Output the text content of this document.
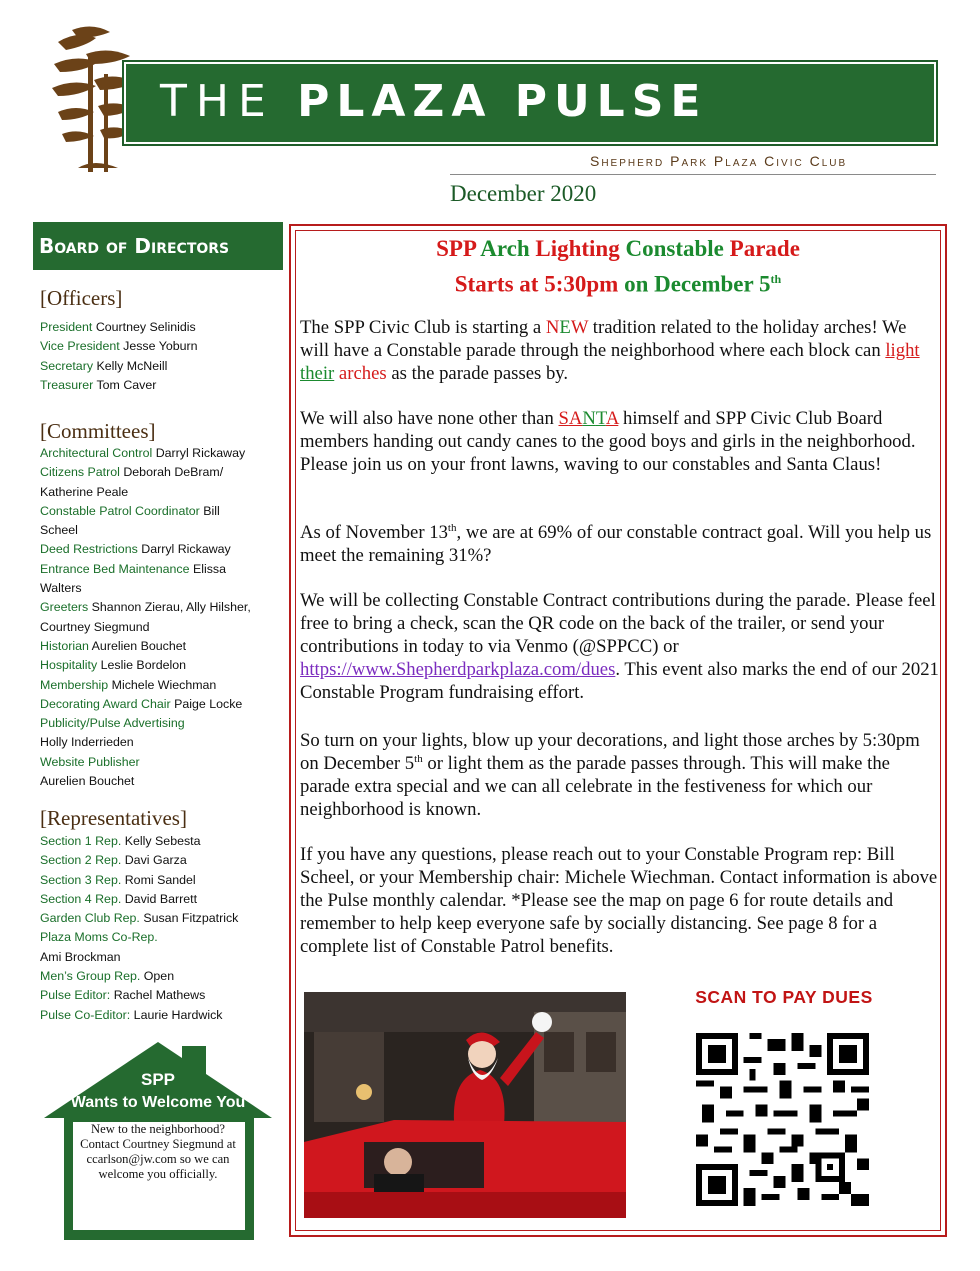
THE PLAZA PULSE
Shepherd Park Plaza Civic Club
December 2020
Board of Directors
[Officers]
President Courtney Selinidis
Vice President Jesse Yoburn
Secretary Kelly McNeill
Treasurer Tom Caver
[Committees]
Architectural Control Darryl Rickaway
Citizens Patrol Deborah DeBram/
Katherine Peale
Constable Patrol Coordinator Bill
Scheel
Deed Restrictions Darryl Rickaway
Entrance Bed Maintenance Elissa
Walters
Greeters Shannon Zierau, Ally Hilsher,
Courtney Siegmund
Historian Aurelien Bouchet
Hospitality Leslie Bordelon
Membership Michele Wiechman
Decorating Award Chair Paige Locke
Publicity/Pulse Advertising
Holly Inderrieden
Website Publisher
Aurelien Bouchet
[Representatives]
Section 1 Rep. Kelly Sebesta
Section 2 Rep. Davi Garza
Section 3 Rep. Romi Sandel
Section 4 Rep. David Barrett
Garden Club Rep. Susan Fitzpatrick
Plaza Moms Co-Rep.
Ami Brockman
Men’s Group Rep. Open
Pulse Editor: Rachel Mathews
Pulse Co-Editor: Laurie Hardwick
SPP
Wants to Welcome You
New to the neighborhood? Contact Courtney Siegmund at ccarlson@jw.com so we can welcome you officially.
SPP Arch Lighting Constable Parade
Starts at 5:30pm on December 5th
The SPP Civic Club is starting a NEW tradition related to the holiday arches! We will have a Constable parade through the neighborhood where each block can light their arches as the parade passes by.
We will also have none other than SANTA himself and SPP Civic Club Board members handing out candy canes to the good boys and girls in the neighborhood. Please join us on your front lawns, waving to our constables and Santa Claus!
As of November 13th, we are at 69% of our constable contract goal. Will you help us meet the remaining 31%?
We will be collecting Constable Contract contributions during the parade. Please feel free to bring a check, scan the QR code on the back of the trailer, or send your contributions in today to via Venmo (@SPPCC) or https://www.Shepherdparkplaza.com/dues. This event also marks the end of our 2021 Constable Program fundraising effort.
So turn on your lights, blow up your decorations, and light those arches by 5:30pm on December 5th or light them as the parade passes through. This will make the parade extra special and we can all celebrate in the festiveness for which our neighborhood is known.
If you have any questions, please reach out to your Constable Program rep: Bill Scheel, or your Membership chair: Michele Wiechman. Contact information is above the Pulse monthly calendar. *Please see the map on page 6 for route details and remember to help keep everyone safe by socially distancing. See page 8 for a complete list of Constable Patrol benefits.
SCAN TO PAY DUES
